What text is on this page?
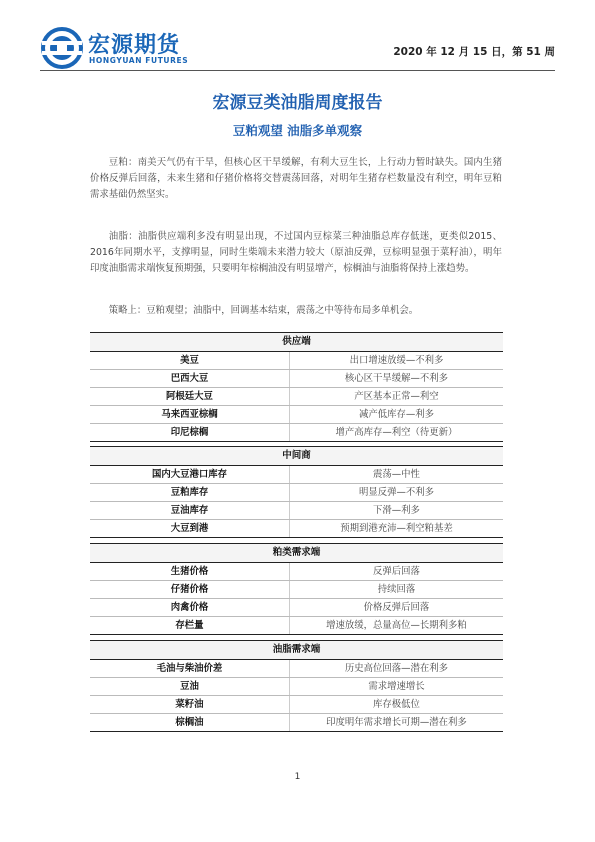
宏源期货
HONGYUAN FUTURES
2020 年 12 月 15 日，第 51 周
宏源豆类油脂周度报告
豆粕观望 油脂多单观察
豆粕：南美天气仍有干旱，但核心区干旱缓解，有利大豆生长，上行动力暂时缺失。国内生猪价格反弹后回落，未来生猪和仔猪价格将交替震荡回落，对明年生猪存栏数量没有利空，明年豆粕需求基础仍然坚实。
油脂：油脂供应端利多没有明显出现，不过国内豆棕菜三种油脂总库存低迷，更类似2015、2016年同期水平，支撑明显，同时生柴端未来潜力较大（原油反弹，豆棕明显强于菜籽油），明年印度油脂需求端恢复预期强，只要明年棕榈油没有明显增产，棕榈油与油脂将保持上涨趋势。
策略上：豆粕观望；油脂中，回调基本结束，震荡之中等待布局多单机会。
供应端
美豆	出口增速放缓—不利多
巴西大豆	核心区干旱缓解—不利多
阿根廷大豆	产区基本正常—利空
马来西亚棕榈	减产低库存—利多
印尼棕榈	增产高库存—利空（待更新）
中间商
国内大豆港口库存	震荡—中性
豆粕库存	明显反弹—不利多
豆油库存	下滑—利多
大豆到港	预期到港充沛—利空粕基差
粕类需求端
生猪价格	反弹后回落
仔猪价格	持续回落
肉禽价格	价格反弹后回落
存栏量	增速放缓，总量高位—长期利多粕
油脂需求端
毛油与柴油价差	历史高位回落—潜在利多
豆油	需求增速增长
菜籽油	库存极低位
棕榈油	印度明年需求增长可期—潜在利多
1
